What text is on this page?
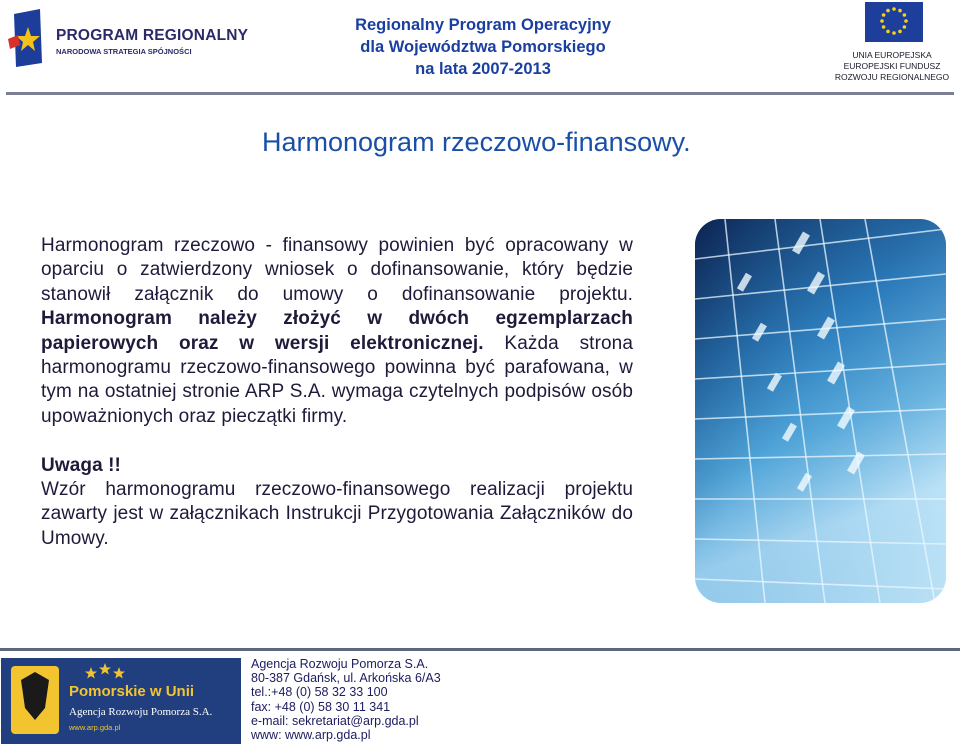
PROGRAM REGIONALNY
NARODOWA STRATEGIA SPÓJNOŚCI
Regionalny Program Operacyjny
dla Województwa Pomorskiego
na lata 2007-2013
UNIA EUROPEJSKA
EUROPEJSKI FUNDUSZ
ROZWOJU REGIONALNEGO
Harmonogram rzeczowo-finansowy.

Harmonogram rzeczowo - finansowy powinien być opracowany w oparciu o zatwierdzony wniosek o dofinansowanie, który będzie stanowił załącznik do umowy o dofinansowanie projektu. Harmonogram należy złożyć w dwóch egzemplarzach papierowych oraz w wersji elektronicznej. Każda strona harmonogramu rzeczowo-finansowego powinna być parafowana, w tym na ostatniej stronie ARP S.A. wymaga czytelnych podpisów osób upoważnionych oraz pieczątki firmy.

Uwaga !!

Wzór harmonogramu rzeczowo-finansowego realizacji projektu zawarty jest w załącznikach Instrukcji Przygotowania Załączników do Umowy.

Pomorskie w Unii
Agencja Rozwoju Pomorza S.A.
www.arp.gda.pl
Agencja Rozwoju Pomorza S.A.
80-387 Gdańsk, ul. Arkońska 6/A3
tel.:+48 (0) 58 32 33 100
fax: +48 (0) 58 30 11 341
e-mail: sekretariat@arp.gda.pl
www: www.arp.gda.pl
